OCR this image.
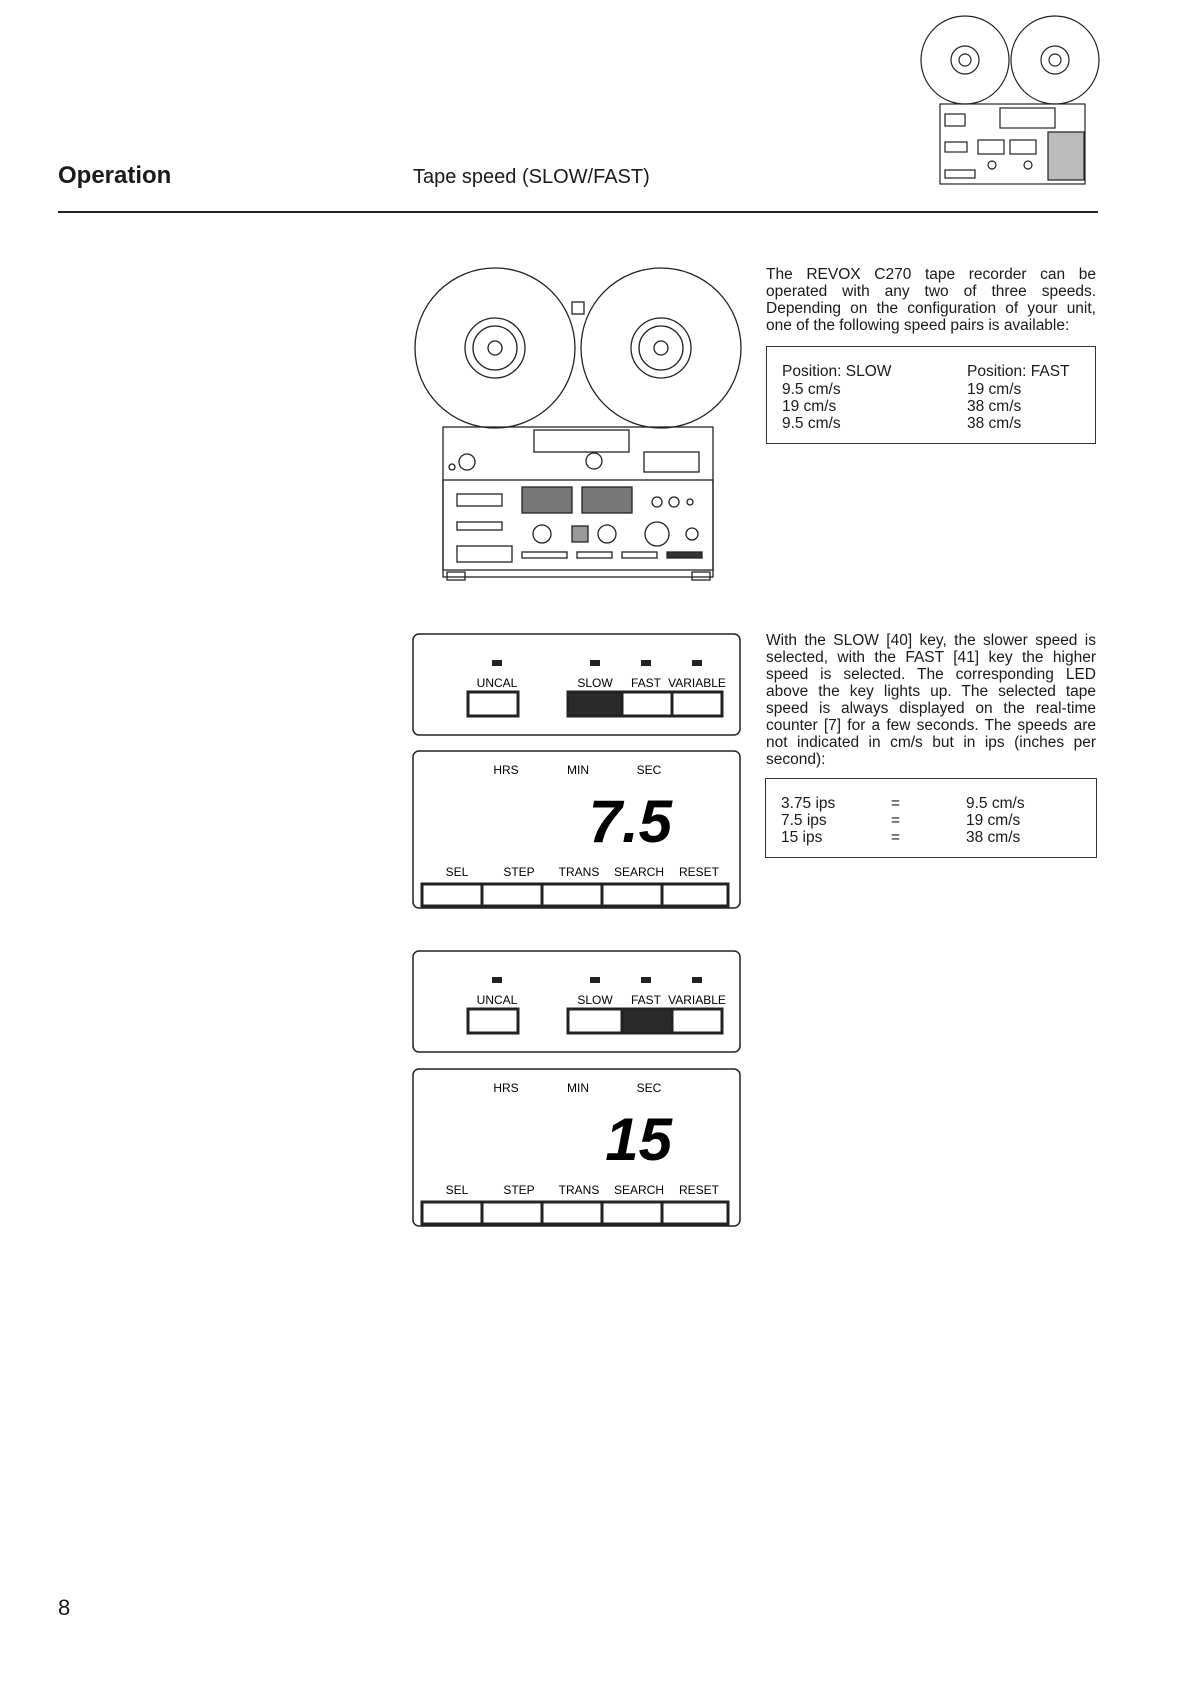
Operation	Tape speed (SLOW/FAST)
The REVOX C270 tape recorder can be operated with any two of three speeds. Depending on the configuration of your unit, one of the following speed pairs is available:
Position: SLOW	Position: FAST
9.5 cm/s	19 cm/s
19 cm/s	38 cm/s
9.5 cm/s	38 cm/s
UNCAL	SLOW FAST VARIABLE
HRS	MIN	SEC
7.5
SEL	STEP TRANS SEARCH RESET
With the SLOW [40] key, the slower speed is selected, with the FAST [41] key the higher speed is selected. The corresponding LED above the key lights up. The selected tape speed is always displayed on the real-time counter [7] for a few seconds. The speeds are not indicated in cm/s but in ips (inches per second):
3.75 ips	=	9.5 cm/s
7.5 ips	=	19 cm/s
15 ips	=	38 cm/s
UNCAL	SLOW FAST VARIABLE
HRS	MIN	SEC
15
SEL	STEP TRANS SEARCH RESET
8
